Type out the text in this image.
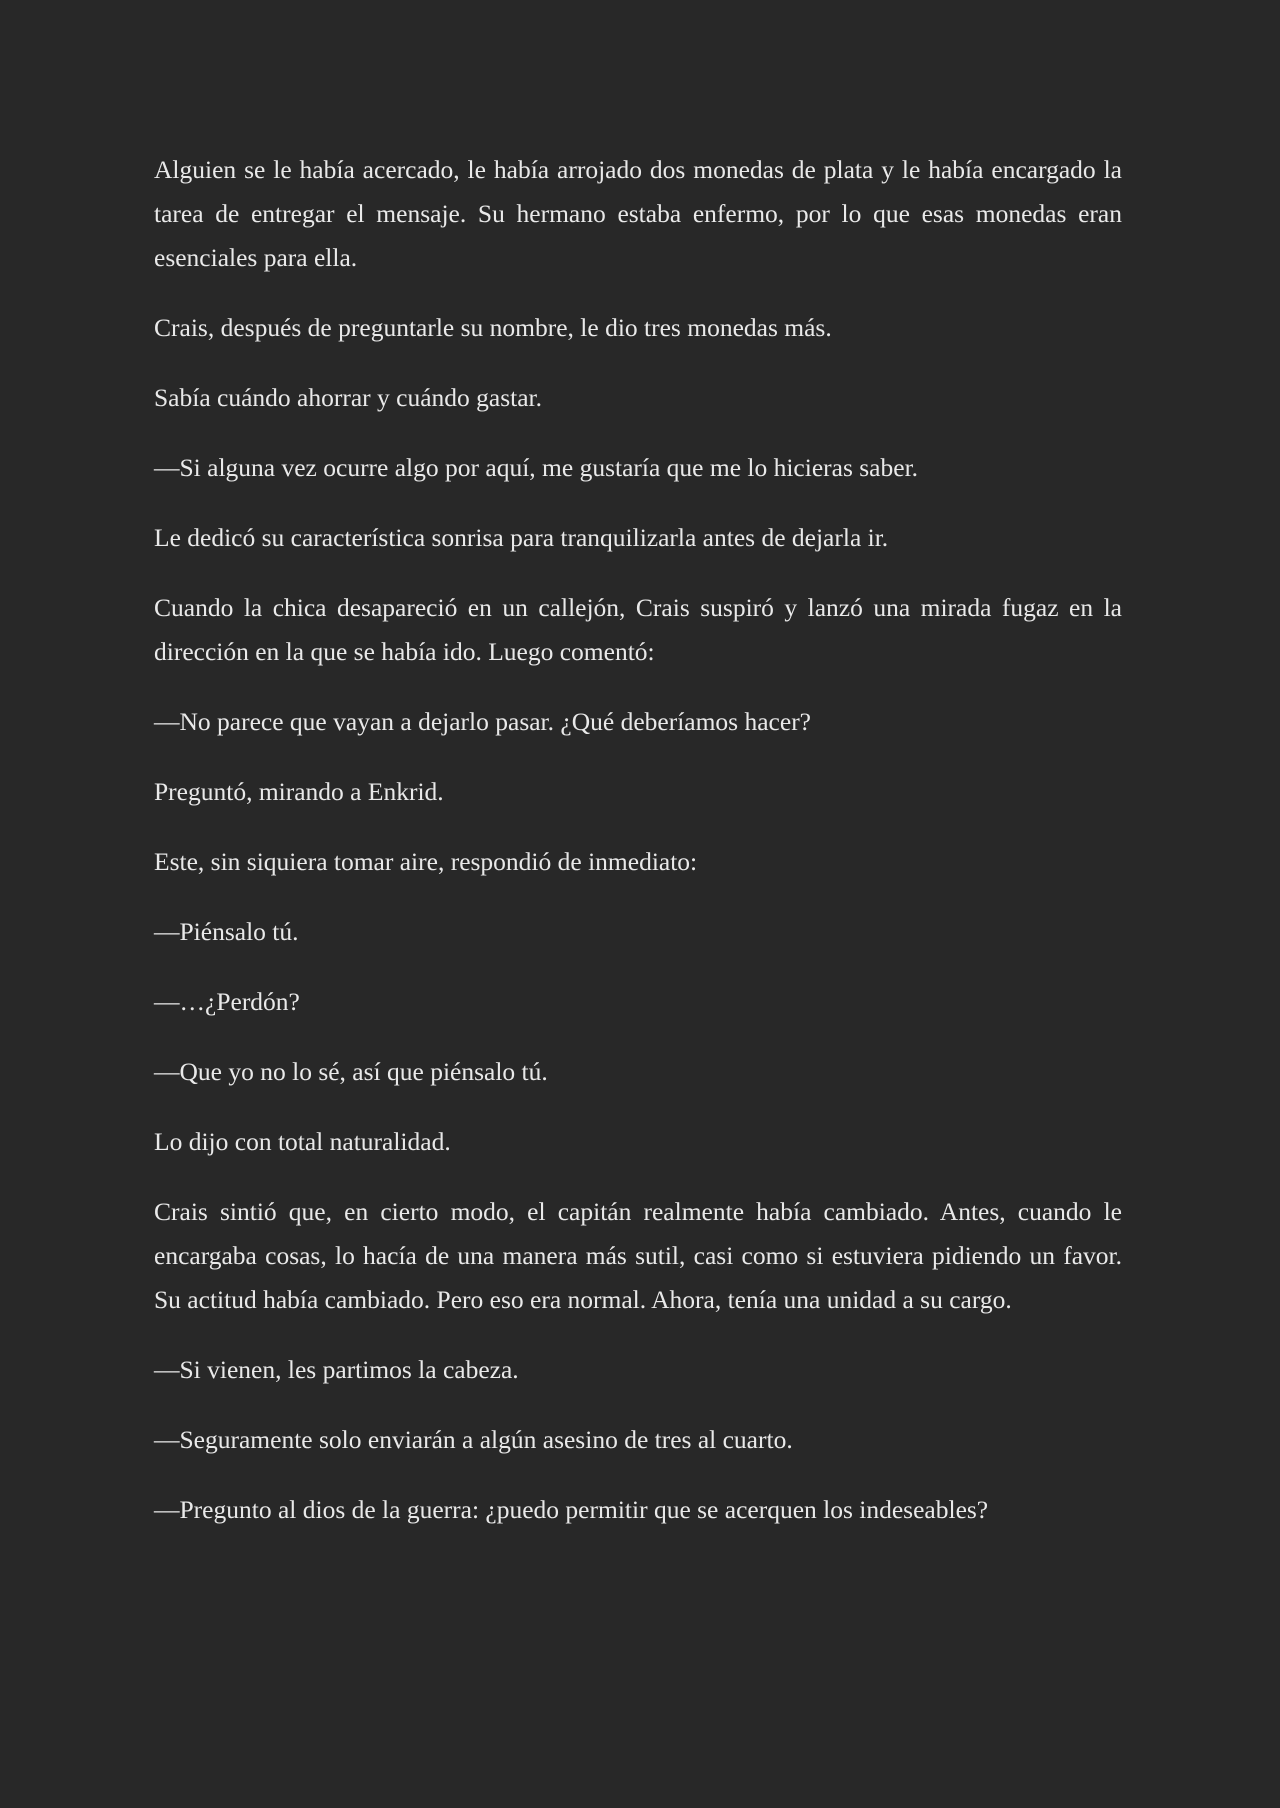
Alguien se le había acercado, le había arrojado dos monedas de plata y le había encargado la tarea de entregar el mensaje. Su hermano estaba enfermo, por lo que esas monedas eran esenciales para ella.

Crais, después de preguntarle su nombre, le dio tres monedas más.

Sabía cuándo ahorrar y cuándo gastar.

—Si alguna vez ocurre algo por aquí, me gustaría que me lo hicieras saber.

Le dedicó su característica sonrisa para tranquilizarla antes de dejarla ir.

Cuando la chica desapareció en un callejón, Crais suspiró y lanzó una mirada fugaz en la dirección en la que se había ido. Luego comentó:

—No parece que vayan a dejarlo pasar. ¿Qué deberíamos hacer?

Preguntó, mirando a Enkrid.

Este, sin siquiera tomar aire, respondió de inmediato:

—Piénsalo tú.

—…¿Perdón?

—Que yo no lo sé, así que piénsalo tú.

Lo dijo con total naturalidad.

Crais sintió que, en cierto modo, el capitán realmente había cambiado. Antes, cuando le encargaba cosas, lo hacía de una manera más sutil, casi como si estuviera pidiendo un favor. Su actitud había cambiado. Pero eso era normal. Ahora, tenía una unidad a su cargo.

—Si vienen, les partimos la cabeza.

—Seguramente solo enviarán a algún asesino de tres al cuarto.

—Pregunto al dios de la guerra: ¿puedo permitir que se acerquen los indeseables?
